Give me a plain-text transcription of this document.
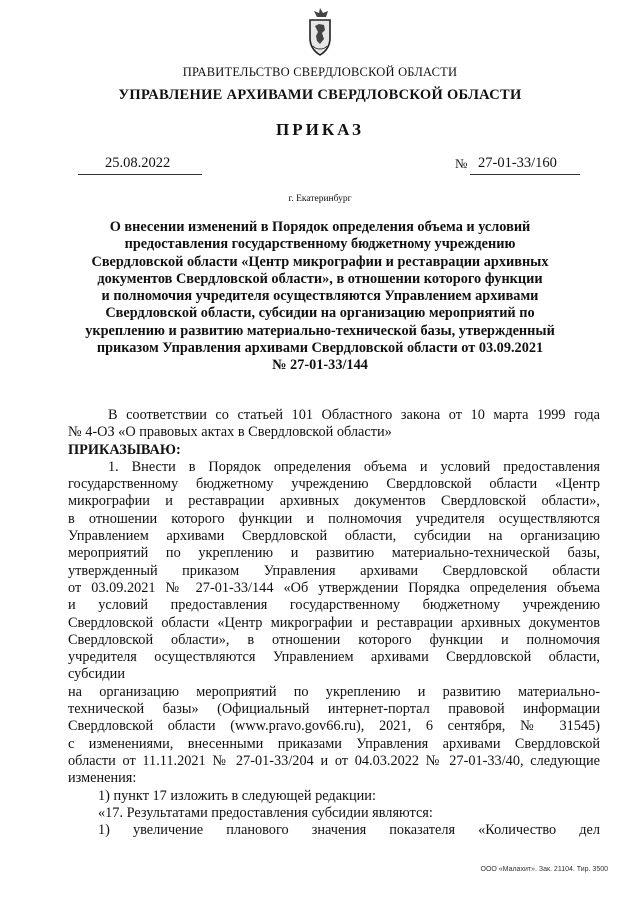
ПРАВИТЕЛЬСТВО СВЕРДЛОВСКОЙ ОБЛАСТИ
УПРАВЛЕНИЕ АРХИВАМИ СВЕРДЛОВСКОЙ ОБЛАСТИ
ПРИКАЗ
25.08.2022	№ 27-01-33/160
г. Екатеринбург
О внесении изменений в Порядок определения объема и условий
предоставления государственному бюджетному учреждению
Свердловской области «Центр микрографии и реставрации архивных
документов Свердловской области», в отношении которого функции
и полномочия учредителя осуществляются Управлением архивами
Свердловской области, субсидии на организацию мероприятий по
укреплению и развитию материально-технической базы, утвержденный
приказом Управления архивами Свердловской области от 03.09.2021
№ 27-01-33/144
В соответствии со статьей 101 Областного закона от 10 марта 1999 года
№ 4-ОЗ «О правовых актах в Свердловской области»
ПРИКАЗЫВАЮ:
1. Внести в Порядок определения объема и условий предоставления
государственному бюджетному учреждению Свердловской области «Центр
микрографии и реставрации архивных документов Свердловской области»,
в отношении которого функции и полномочия учредителя осуществляются
Управлением архивами Свердловской области, субсидии на организацию
мероприятий по укреплению и развитию материально-технической базы,
утвержденный приказом Управления архивами Свердловской области
от 03.09.2021 № 27-01-33/144 «Об утверждении Порядка определения объема
и условий предоставления государственному бюджетному учреждению
Свердловской области «Центр микрографии и реставрации архивных документов
Свердловской области», в отношении которого функции и полномочия
учредителя осуществляются Управлением архивами Свердловской области,
субсидии
на организацию мероприятий по укреплению и развитию материально-
технической базы» (Официальный интернет-портал правовой информации
Свердловской области (www.pravo.gov66.ru), 2021, 6 сентября, № 31545)
с изменениями, внесенными приказами Управления архивами Свердловской
области от 11.11.2021 № 27-01-33/204 и от 04.03.2022 № 27-01-33/40, следующие
изменения:
1) пункт 17 изложить в следующей редакции:
«17. Результатами предоставления субсидии являются:
1) увеличение планового значения показателя «Количество дел
ООО «Малахит». Зак. 21104. Тир. 3500
